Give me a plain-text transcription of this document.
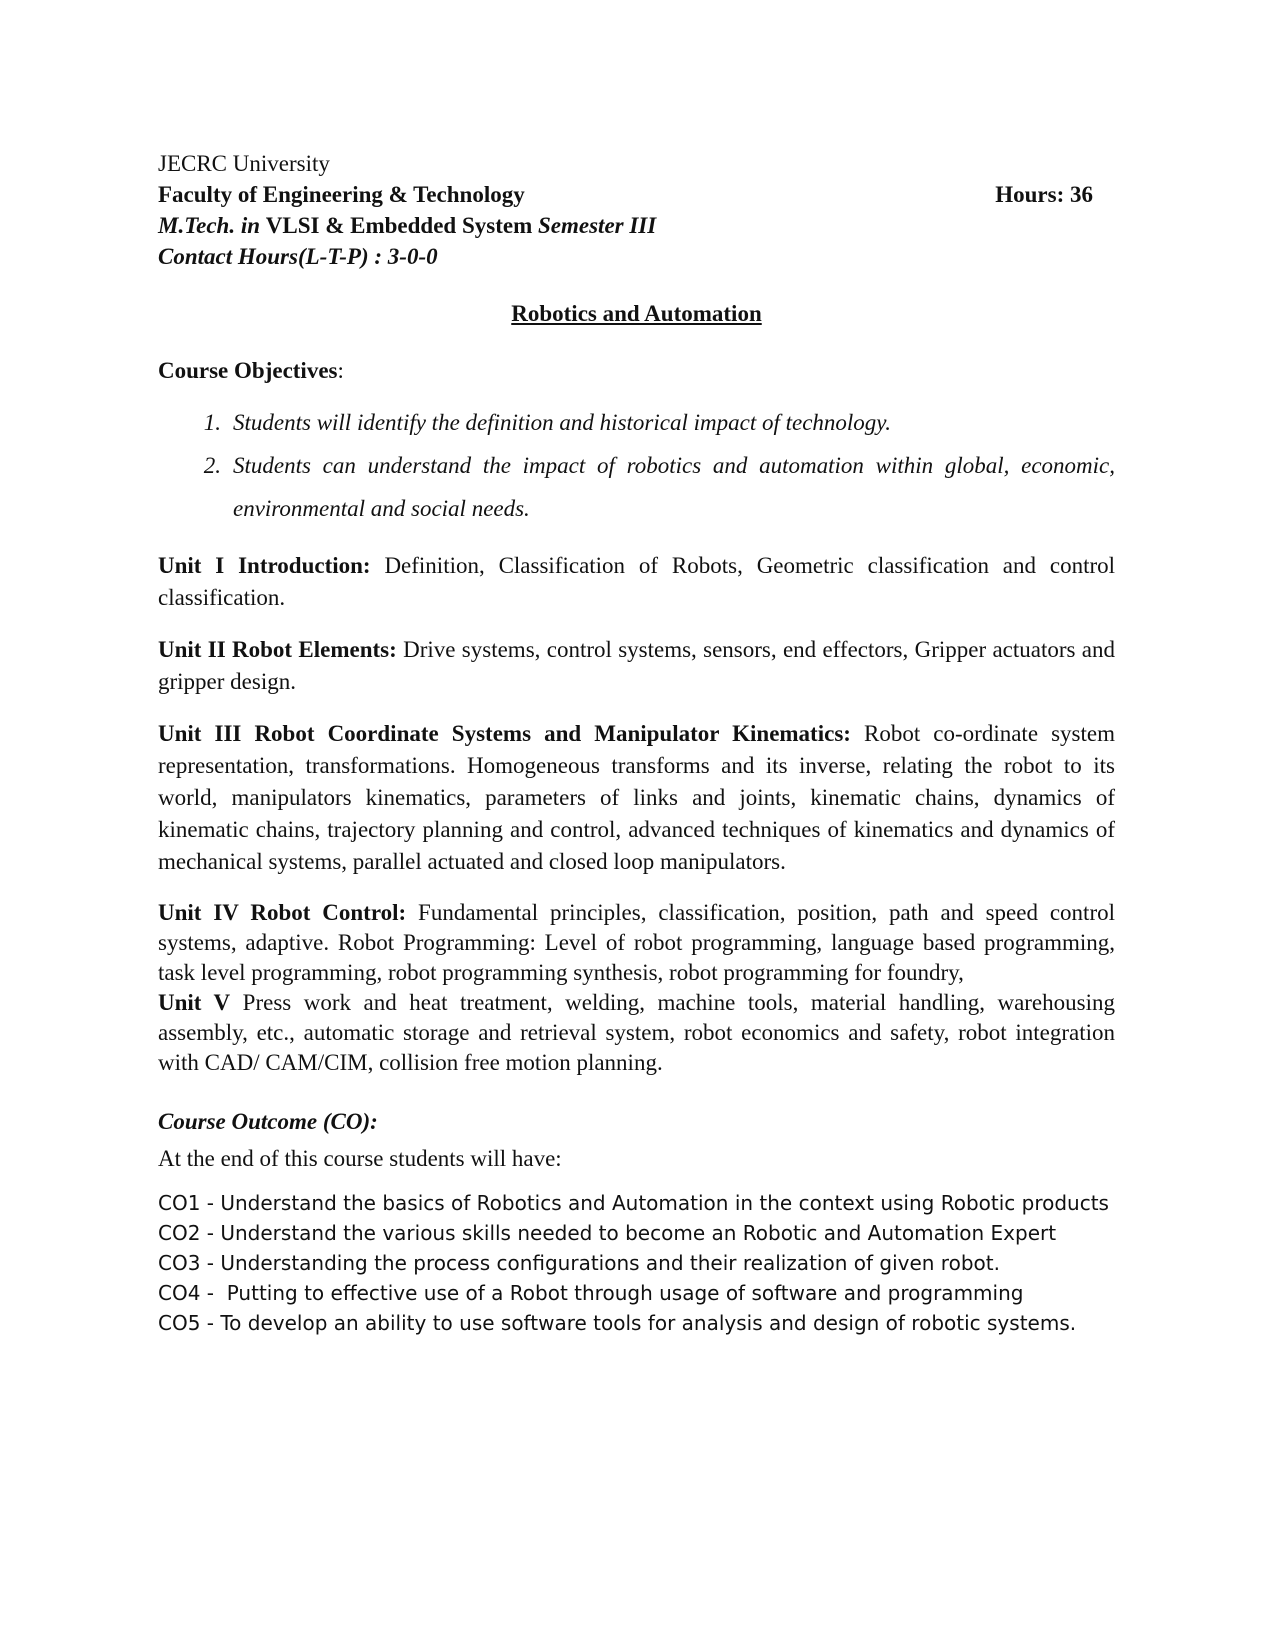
JECRC University
Faculty of Engineering & Technology	Hours: 36
M.Tech. in VLSI & Embedded System Semester III
Contact Hours(L-T-P) : 3-0-0
Robotics and Automation
Course Objectives:
1. Students will identify the definition and historical impact of technology.
2. Students can understand the impact of robotics and automation within global, economic, environmental and social needs.
Unit I Introduction: Definition, Classification of Robots, Geometric classification and control classification.
Unit II Robot Elements: Drive systems, control systems, sensors, end effectors, Gripper actuators and gripper design.
Unit III Robot Coordinate Systems and Manipulator Kinematics: Robot co-ordinate system representation, transformations. Homogeneous transforms and its inverse, relating the robot to its world, manipulators kinematics, parameters of links and joints, kinematic chains, dynamics of kinematic chains, trajectory planning and control, advanced techniques of kinematics and dynamics of mechanical systems, parallel actuated and closed loop manipulators.
Unit IV Robot Control: Fundamental principles, classification, position, path and speed control systems, adaptive. Robot Programming: Level of robot programming, language based programming, task level programming, robot programming synthesis, robot programming for foundry,
Unit V Press work and heat treatment, welding, machine tools, material handling, warehousing assembly, etc., automatic storage and retrieval system, robot economics and safety, robot integration with CAD/ CAM/CIM, collision free motion planning.
Course Outcome (CO):
At the end of this course students will have:
CO1 - Understand the basics of Robotics and Automation in the context using Robotic products
CO2 - Understand the various skills needed to become an Robotic and Automation Expert
CO3 - Understanding the process configurations and their realization of given robot.
CO4 -  Putting to effective use of a Robot through usage of software and programming
CO5 - To develop an ability to use software tools for analysis and design of robotic systems.
